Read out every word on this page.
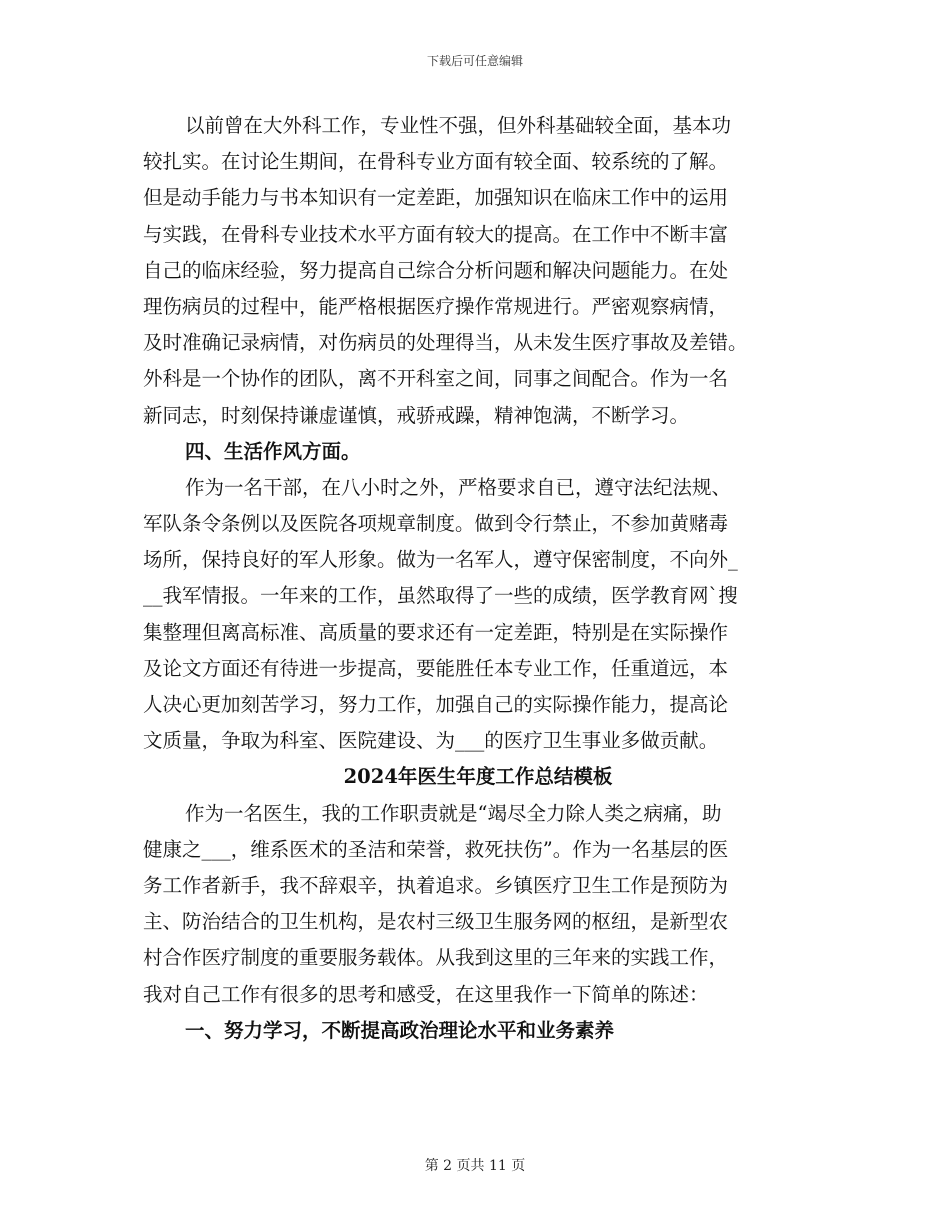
下载后可任意编辑
以前曾在大外科工作，专业性不强，但外科基础较全面，基本功
较扎实。在讨论生期间，在骨科专业方面有较全面、较系统的了解。
但是动手能力与书本知识有一定差距，加强知识在临床工作中的运用
与实践，在骨科专业技术水平方面有较大的提高。在工作中不断丰富
自己的临床经验，努力提高自己综合分析问题和解决问题能力。在处
理伤病员的过程中，能严格根据医疗操作常规进行。严密观察病情，
及时准确记录病情，对伤病员的处理得当，从未发生医疗事故及差错。
外科是一个协作的团队，离不开科室之间，同事之间配合。作为一名
新同志，时刻保持谦虚谨慎，戒骄戒躁，精神饱满，不断学习。
四、生活作风方面。
作为一名干部，在八小时之外，严格要求自已，遵守法纪法规、
军队条令条例以及医院各项规章制度。做到令行禁止，不参加黄赌毒
场所，保持良好的军人形象。做为一名军人，遵守保密制度，不向外_
__我军情报。一年来的工作，虽然取得了一些的成绩，医学教育网`搜
集整理但离高标准、高质量的要求还有一定差距，特别是在实际操作
及论文方面还有待进一步提高，要能胜任本专业工作，任重道远，本
人决心更加刻苦学习，努力工作，加强自己的实际操作能力，提高论
文质量，争取为科室、医院建设、为___的医疗卫生事业多做贡献。
2024年医生年度工作总结模板
作为一名医生，我的工作职责就是“竭尽全力除人类之病痛，助
健康之___，维系医术的圣洁和荣誉，救死扶伤”。作为一名基层的医
务工作者新手，我不辞艰辛，执着追求。乡镇医疗卫生工作是预防为
主、防治结合的卫生机构，是农村三级卫生服务网的枢纽，是新型农
村合作医疗制度的重要服务载体。从我到这里的三年来的实践工作，
我对自己工作有很多的思考和感受，在这里我作一下简单的陈述：
一、努力学习，不断提高政治理论水平和业务素养
第 2 页共 11 页
